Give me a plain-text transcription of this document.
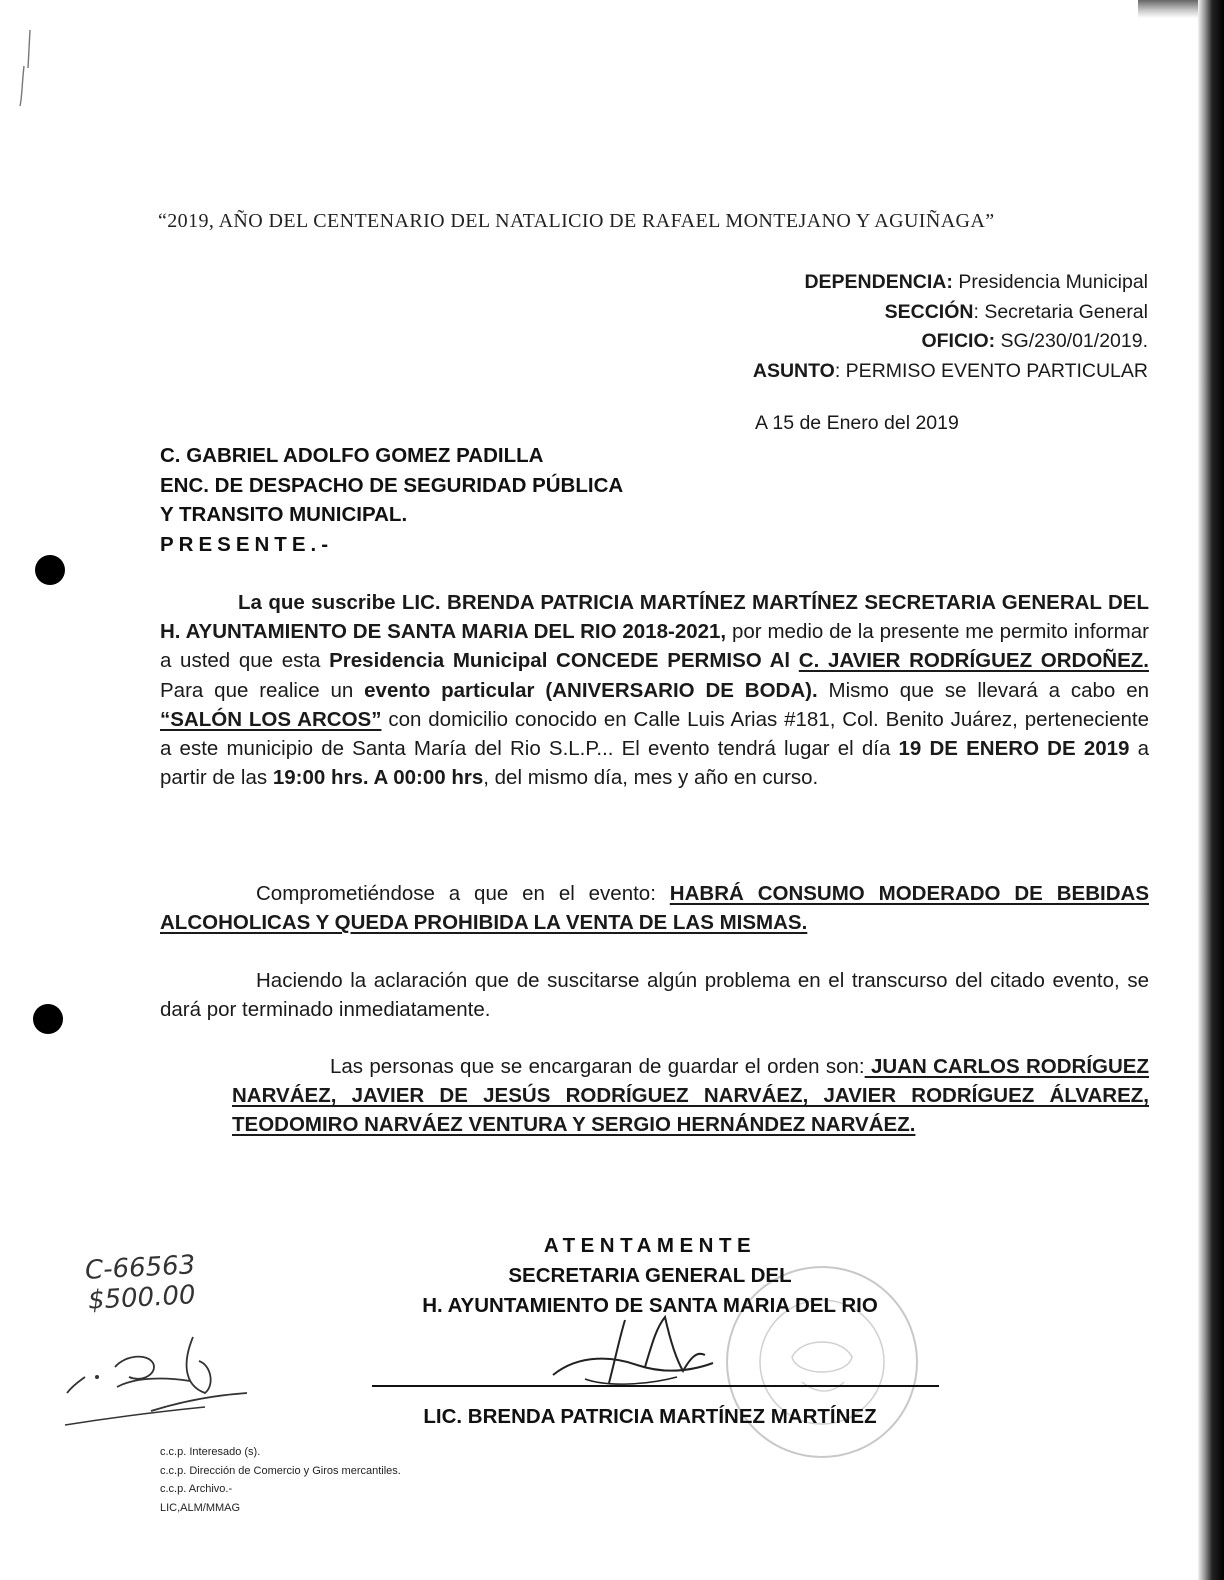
“2019, AÑO DEL CENTENARIO DEL NATALICIO DE RAFAEL MONTEJANO Y AGUIÑAGA”
DEPENDENCIA: Presidencia Municipal
SECCIÓN: Secretaria General
OFICIO: SG/230/01/2019.
ASUNTO: PERMISO EVENTO PARTICULAR
A 15 de Enero del 2019
C. GABRIEL ADOLFO GOMEZ PADILLA
ENC. DE DESPACHO DE SEGURIDAD PÚBLICA
Y TRANSITO MUNICIPAL.
PRESENTE.-
La que suscribe LIC. BRENDA PATRICIA MARTÍNEZ MARTÍNEZ SECRETARIA GENERAL DEL H. AYUNTAMIENTO DE SANTA MARIA DEL RIO 2018-2021, por medio de la presente me permito informar a usted que esta Presidencia Municipal CONCEDE PERMISO Al C. JAVIER RODRÍGUEZ ORDOÑEZ. Para que realice un evento particular (ANIVERSARIO DE BODA). Mismo que se llevará a cabo en “SALÓN LOS ARCOS” con domicilio conocido en Calle Luis Arias #181, Col. Benito Juárez, perteneciente a este municipio de Santa María del Rio S.L.P... El evento tendrá lugar el día 19 DE ENERO DE 2019 a partir de las 19:00 hrs. A 00:00 hrs, del mismo día, mes y año en curso.
Comprometiéndose a que en el evento: HABRÁ CONSUMO MODERADO DE BEBIDAS ALCOHOLICAS Y QUEDA PROHIBIDA LA VENTA DE LAS MISMAS.
Haciendo la aclaración que de suscitarse algún problema en el transcurso del citado evento, se dará por terminado inmediatamente.
Las personas que se encargaran de guardar el orden son: JUAN CARLOS RODRÍGUEZ NARVÁEZ, JAVIER DE JESÚS RODRÍGUEZ NARVÁEZ, JAVIER RODRÍGUEZ ÁLVAREZ, TEODOMIRO NARVÁEZ VENTURA Y SERGIO HERNÁNDEZ NARVÁEZ.
ATENTAMENTE
SECRETARIA GENERAL DEL
H. AYUNTAMIENTO DE SANTA MARIA DEL RIO
LIC. BRENDA PATRICIA MARTÍNEZ MARTÍNEZ
C-66563
$500.00
c.c.p. Interesado (s).
c.c.p. Dirección de Comercio y Giros mercantiles.
c.c.p. Archivo.-
LIC,ALM/MMAG
